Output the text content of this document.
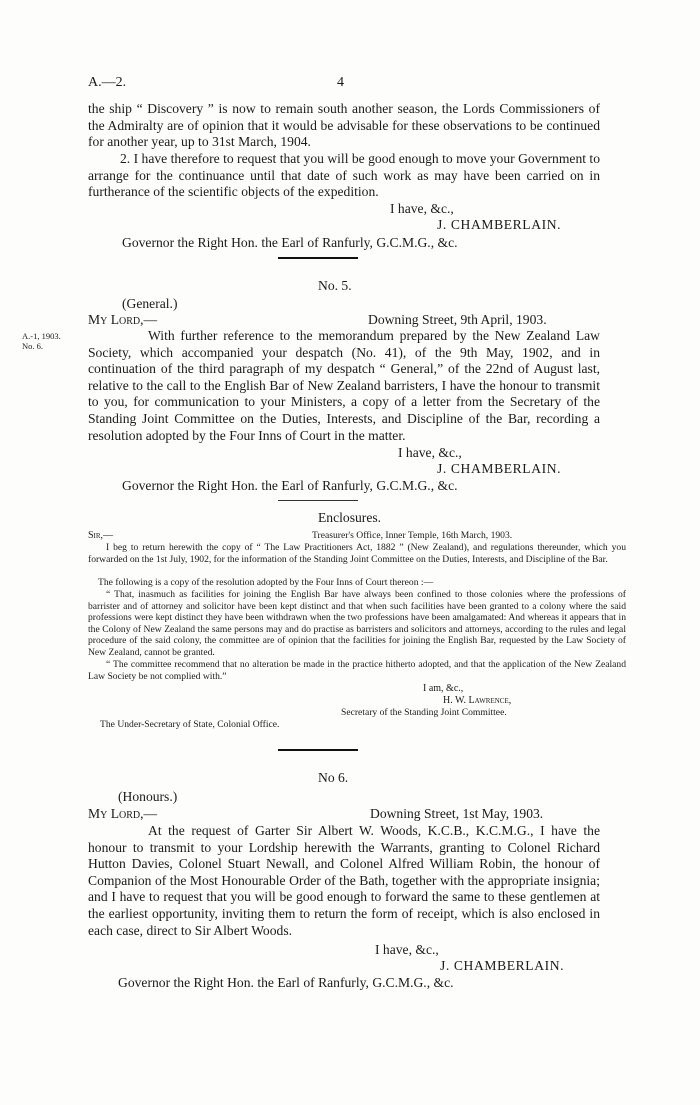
A.—2.	4

the ship “ Discovery ” is now to remain south another season, the Lords Commissioners of the Admiralty are of opinion that it would be advisable for these observations to be continued for another year, up to 31st March, 1904.

2. I have therefore to request that you will be good enough to move your Government to arrange for the continuance until that date of such work as may have been carried on in furtherance of the scientific objects of the expedition.

I have, &c.,
J. CHAMBERLAIN.
Governor the Right Hon. the Earl of Ranfurly, G.C.M.G., &c.
No. 5.
(General.)
My Lord,—	Downing Street, 9th April, 1903.
A.-1, 1903.
No. 6.

With further reference to the memorandum prepared by the New Zealand Law Society, which accompanied your despatch (No. 41), of the 9th May, 1902, and in continuation of the third paragraph of my despatch “ General,” of the 22nd of August last, relative to the call to the English Bar of New Zealand barristers, I have the honour to transmit to you, for communication to your Ministers, a copy of a letter from the Secretary of the Standing Joint Committee on the Duties, Interests, and Discipline of the Bar, recording a resolution adopted by the Four Inns of Court in the matter.

I have, &c.,
J. CHAMBERLAIN.
Governor the Right Hon. the Earl of Ranfurly, G.C.M.G., &c.
Enclosures.
Sir,—	Treasurer's Office, Inner Temple, 16th March, 1903.

I beg to return herewith the copy of “ The Law Practitioners Act, 1882 ” (New Zealand), and regulations thereunder, which you forwarded on the 1st July, 1902, for the information of the Standing Joint Committee on the Duties, Interests, and Discipline of the Bar.

The following is a copy of the resolution adopted by the Four Inns of Court thereon :—

“ That, inasmuch as facilities for joining the English Bar have always been confined to those colonies where the professions of barrister and of attorney and solicitor have been kept distinct and that when such facilities have been granted to a colony where the said professions were kept distinct they have been withdrawn when the two professions have been amalgamated: And whereas it appears that in the Colony of New Zealand the same persons may and do practise as barristers and solicitors and attorneys, according to the rules and legal procedure of the said colony, the committee are of opinion that the facilities for joining the English Bar, requested by the Law Society of New Zealand, cannot be granted.

“ The committee recommend that no alteration be made in the practice hitherto adopted, and that the application of the New Zealand Law Society be not complied with.”

I am, &c.,
H. W. Lawrence,
Secretary of the Standing Joint Committee.
The Under-Secretary of State, Colonial Office.
No 6.
(Honours.)
My Lord,—	Downing Street, 1st May, 1903.

At the request of Garter Sir Albert W. Woods, K.C.B., K.C.M.G., I have the honour to transmit to your Lordship herewith the Warrants, granting to Colonel Richard Hutton Davies, Colonel Stuart Newall, and Colonel Alfred William Robin, the honour of Companion of the Most Honourable Order of the Bath, together with the appropriate insignia; and I have to request that you will be good enough to forward the same to these gentlemen at the earliest opportunity, inviting them to return the form of receipt, which is also enclosed in each case, direct to Sir Albert Woods.

I have, &c.,
J. CHAMBERLAIN.
Governor the Right Hon. the Earl of Ranfurly, G.C.M.G., &c.
